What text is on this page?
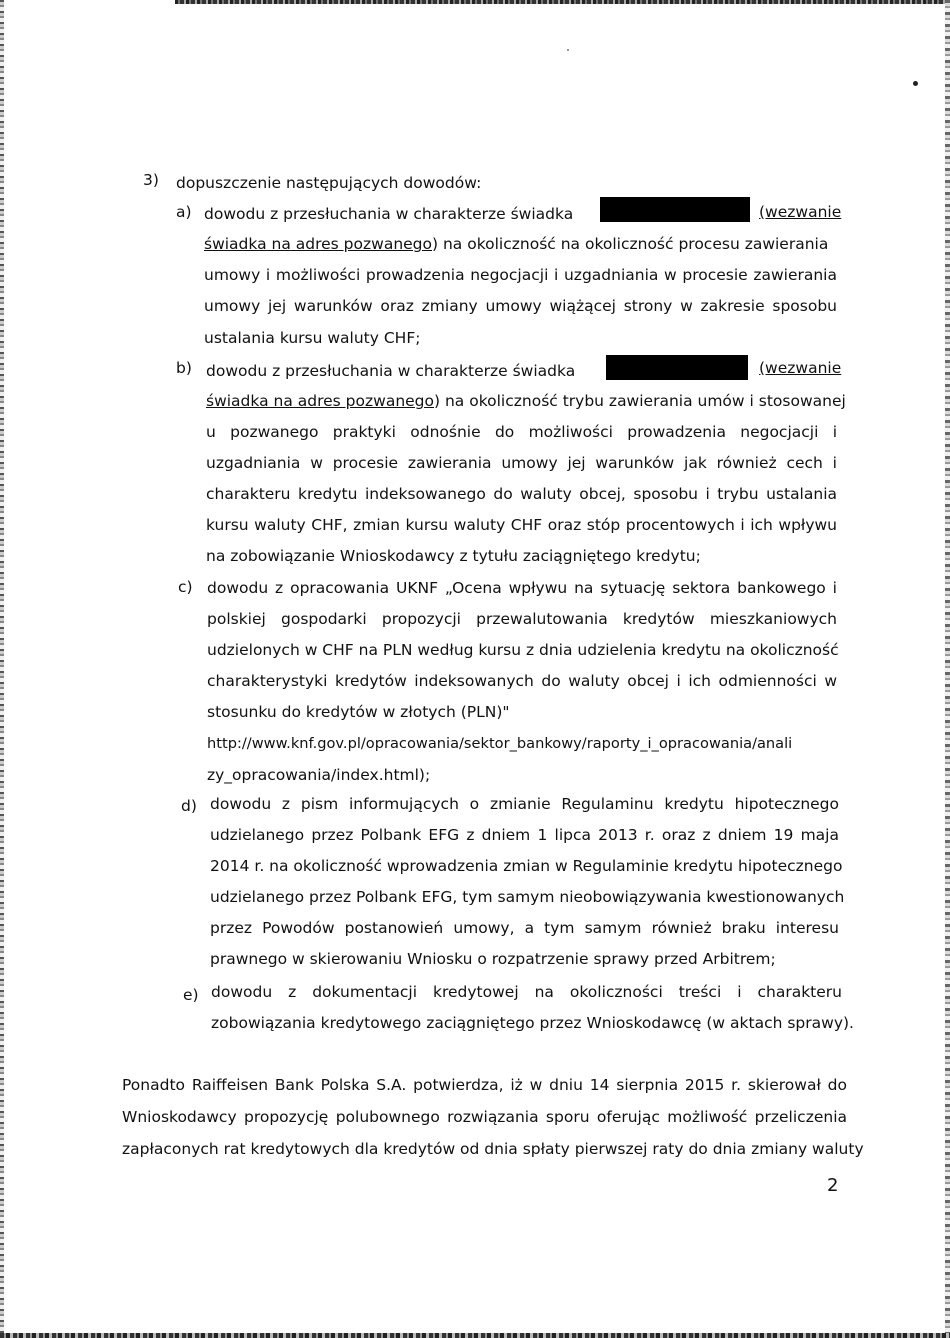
3) dopuszczenie następujących dowodów:
a) dowodu z przesłuchania w charakterze świadka	(wezwanie
świadka na adres pozwanego) na okoliczność na okoliczność procesu zawierania
umowy i możliwości prowadzenia negocjacji i uzgadniania w procesie zawierania
umowy jej warunków oraz zmiany umowy wiążącej strony w zakresie sposobu
ustalania kursu waluty CHF;
b) dowodu z przesłuchania w charakterze świadka	(wezwanie
świadka na adres pozwanego) na okoliczność trybu zawierania umów i stosowanej
u pozwanego praktyki odnośnie do możliwości prowadzenia negocjacji i
uzgadniania w procesie zawierania umowy jej warunków jak również cech i
charakteru kredytu indeksowanego do waluty obcej, sposobu i trybu ustalania
kursu waluty CHF, zmian kursu waluty CHF oraz stóp procentowych i ich wpływu
na zobowiązanie Wnioskodawcy z tytułu zaciągniętego kredytu;
c) dowodu z opracowania UKNF „Ocena wpływu na sytuację sektora bankowego i
polskiej gospodarki propozycji przewalutowania kredytów mieszkaniowych
udzielonych w CHF na PLN według kursu z dnia udzielenia kredytu na okoliczność
charakterystyki kredytów indeksowanych do waluty obcej i ich odmienności w
stosunku do kredytów w złotych (PLN)"
http://www.knf.gov.pl/opracowania/sektor_bankowy/raporty_i_opracowania/anali
zy_opracowania/index.html);
d) dowodu z pism informujących o zmianie Regulaminu kredytu hipotecznego
udzielanego przez Polbank EFG z dniem 1 lipca 2013 r. oraz z dniem 19 maja
2014 r. na okoliczność wprowadzenia zmian w Regulaminie kredytu hipotecznego
udzielanego przez Polbank EFG, tym samym nieobowiązywania kwestionowanych
przez Powodów postanowień umowy, a tym samym również braku interesu
prawnego w skierowaniu Wniosku o rozpatrzenie sprawy przed Arbitrem;
e) dowodu z dokumentacji kredytowej na okoliczności treści i charakteru
zobowiązania kredytowego zaciągniętego przez Wnioskodawcę (w aktach sprawy).
Ponadto Raiffeisen Bank Polska S.A. potwierdza, iż w dniu 14 sierpnia 2015 r. skierował do
Wnioskodawcy propozycję polubownego rozwiązania sporu oferując możliwość przeliczenia
zapłaconych rat kredytowych dla kredytów od dnia spłaty pierwszej raty do dnia zmiany waluty
2
